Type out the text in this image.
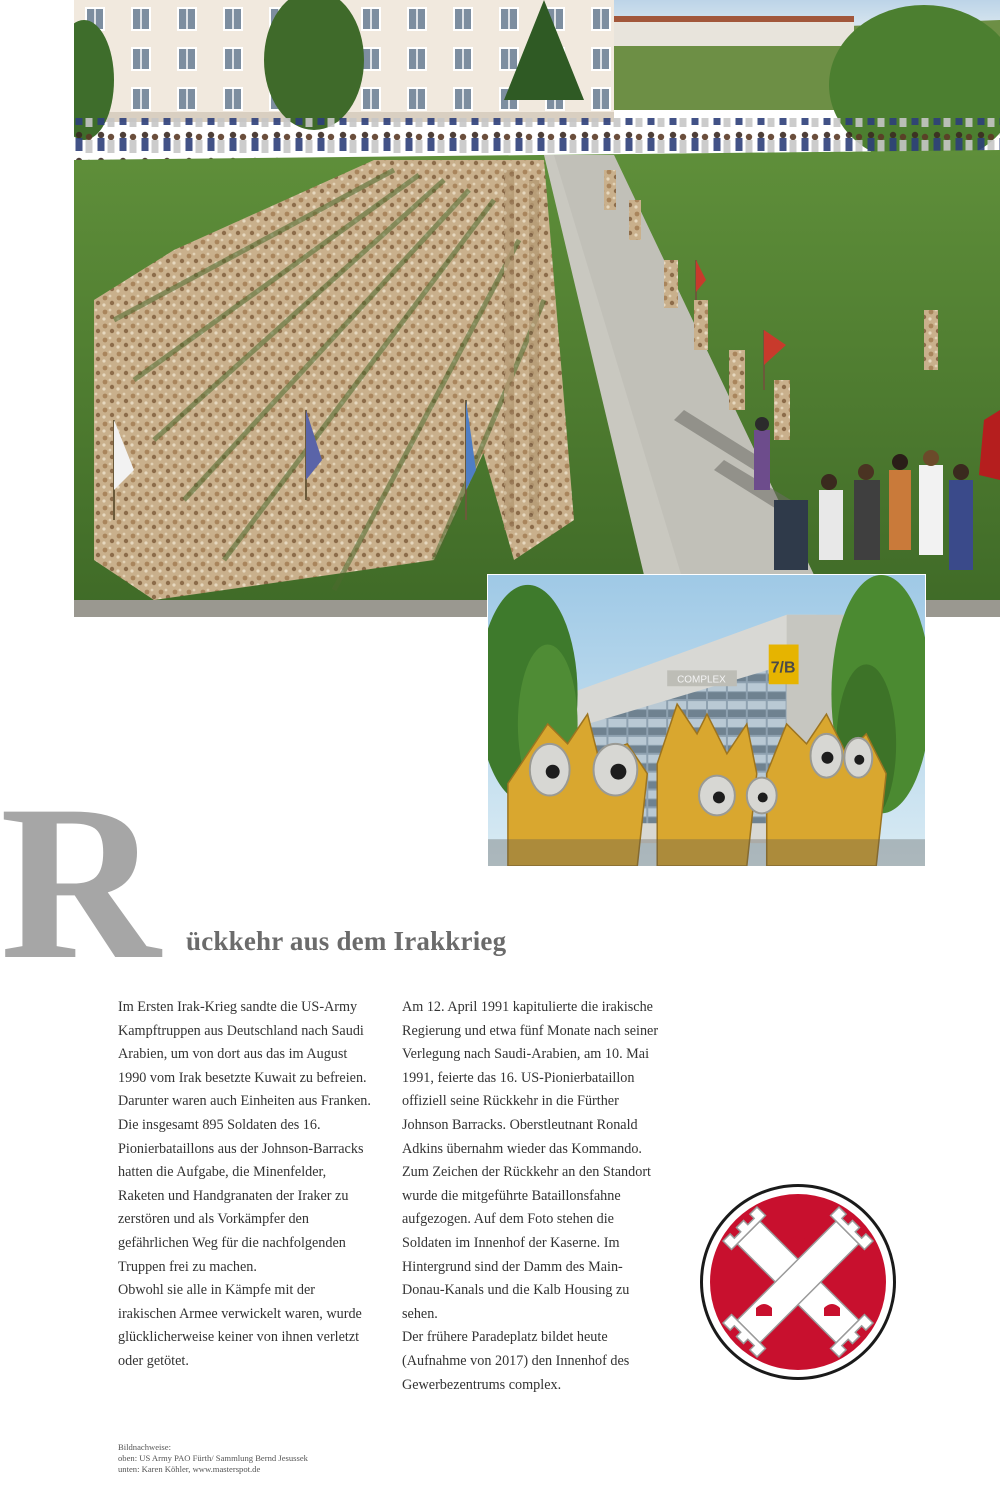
COMPLEX
7/B
R ückkehr aus dem Irakkrieg

Im Ersten Irak-Krieg sandte die US-Army Kampftruppen aus Deutschland nach Saudi Arabien, um von dort aus das im August 1990 vom Irak besetzte Kuwait zu befreien. Darunter waren auch Einheiten aus Franken.

Die insgesamt 895 Soldaten des 16. Pionierbataillons aus der Johnson-Barracks hatten die Aufgabe, die Minenfelder, Raketen und Handgranaten der Iraker zu zerstören und als Vorkämpfer den gefährlichen Weg für die nachfolgenden Truppen frei zu machen.

Obwohl sie alle in Kämpfe mit der irakischen Armee verwickelt waren, wurde glücklicherweise keiner von ihnen verletzt oder getötet.

Am 12. April 1991 kapitulierte die irakische Regierung und etwa fünf Monate nach seiner Verlegung nach Saudi-Arabien, am 10. Mai 1991, feierte das 16. US-Pionierbataillon offiziell seine Rückkehr in die Fürther Johnson Barracks. Oberstleutnant Ronald Adkins übernahm wieder das Kommando. Zum Zeichen der Rückkehr an den Standort wurde die mitgeführte Bataillonsfahne aufgezogen. Auf dem Foto stehen die Soldaten im Innenhof der Kaserne. Im Hintergrund sind der Damm des Main-Donau-Kanals und die Kalb Housing zu sehen.

Der frühere Paradeplatz bildet heute (Aufnahme von 2017) den Innenhof des Gewerbezentrums complex.

Bildnachweise:
oben: US Army PAO Fürth/ Sammlung Bernd Jesussek
unten: Karen Köhler, www.masterspot.de
